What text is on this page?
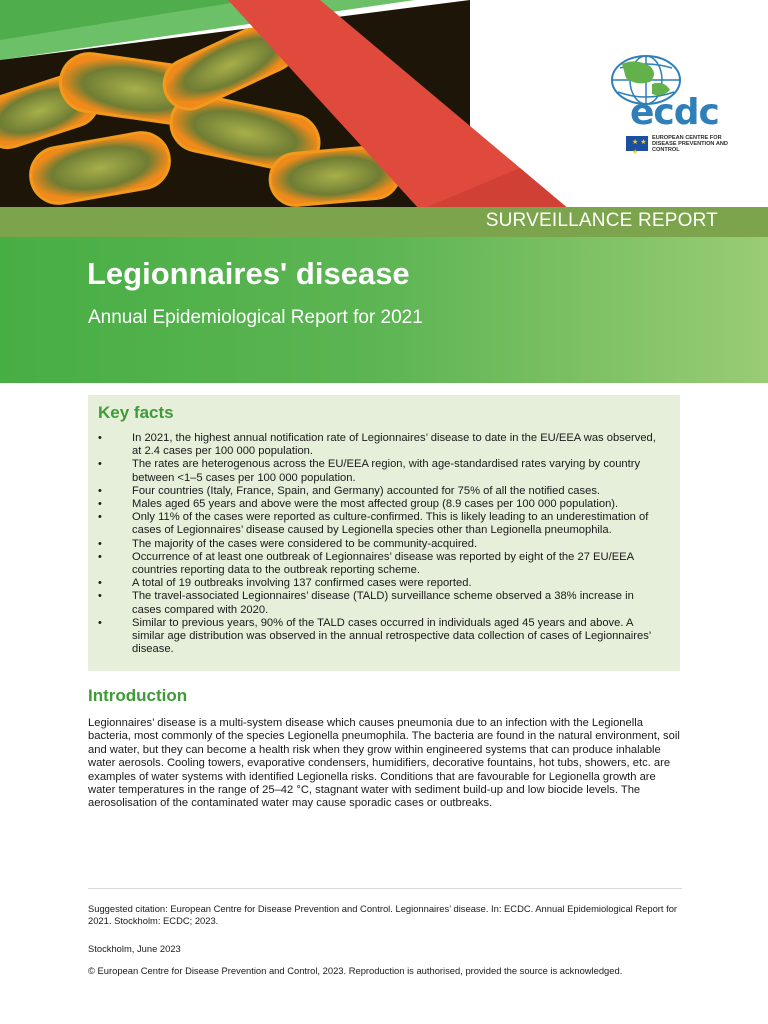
ecdc
★ ★ ★
EUROPEAN CENTRE FOR DISEASE PREVENTION AND CONTROL
SURVEILLANCE REPORT
Legionnaires' disease
Annual Epidemiological Report for 2021
Key facts
• In 2021, the highest annual notification rate of Legionnaires’ disease to date in the EU/EEA was observed, at 2.4 cases per 100 000 population.
• The rates are heterogenous across the EU/EEA region, with age-standardised rates varying by country between <1–5 cases per 100 000 population.
• Four countries (Italy, France, Spain, and Germany) accounted for 75% of all the notified cases.
• Males aged 65 years and above were the most affected group (8.9 cases per 100 000 population).
• Only 11% of the cases were reported as culture-confirmed. This is likely leading to an underestimation of cases of Legionnaires’ disease caused by Legionella species other than Legionella pneumophila.
• The majority of the cases were considered to be community-acquired.
• Occurrence of at least one outbreak of Legionnaires’ disease was reported by eight of the 27 EU/EEA countries reporting data to the outbreak reporting scheme.
• A total of 19 outbreaks involving 137 confirmed cases were reported.
• The travel-associated Legionnaires’ disease (TALD) surveillance scheme observed a 38% increase in cases compared with 2020.
• Similar to previous years, 90% of the TALD cases occurred in individuals aged 45 years and above. A similar age distribution was observed in the annual retrospective data collection of cases of Legionnaires’ disease.
Introduction

Legionnaires’ disease is a multi-system disease which causes pneumonia due to an infection with the Legionella bacteria, most commonly of the species Legionella pneumophila. The bacteria are found in the natural environment, soil and water, but they can become a health risk when they grow within engineered systems that can produce inhalable water aerosols. Cooling towers, evaporative condensers, humidifiers, decorative fountains, hot tubs, showers, etc. are examples of water systems with identified Legionella risks. Conditions that are favourable for Legionella growth are water temperatures in the range of 25–42 °C, stagnant water with sediment build-up and low biocide levels. The aerosolisation of the contaminated water may cause sporadic cases or outbreaks.

Suggested citation: European Centre for Disease Prevention and Control. Legionnaires’ disease. In: ECDC. Annual Epidemiological Report for 2021. Stockholm: ECDC; 2023.

Stockholm, June 2023

© European Centre for Disease Prevention and Control, 2023. Reproduction is authorised, provided the source is acknowledged.
